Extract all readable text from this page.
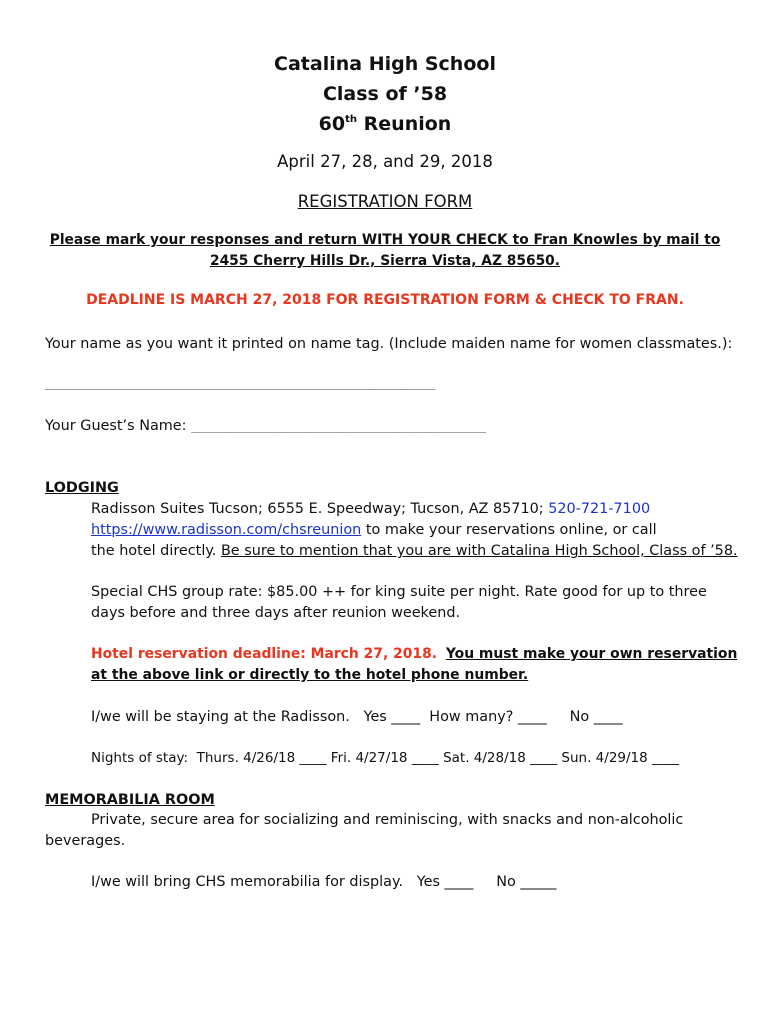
Catalina High School
Class of ’58
60th Reunion
April 27, 28, and 29, 2018
REGISTRATION FORM
Please mark your responses and return WITH YOUR CHECK to Fran Knowles by mail to
2455 Cherry Hills Dr., Sierra Vista, AZ 85650.
DEADLINE IS MARCH 27, 2018 FOR REGISTRATION FORM & CHECK TO FRAN.
Your name as you want it printed on name tag. (Include maiden name for women classmates.):
_______________________________________________________________
Your Guest’s Name: __________________________________________________
LODGING
Radisson Suites Tucson; 6555 E. Speedway; Tucson, AZ 85710; 520-721-7100
https://www.radisson.com/chsreunion to make your reservations online, or call
the hotel directly. Be sure to mention that you are with Catalina High School, Class of ’58.
Special CHS group rate: $85.00 ++ for king suite per night. Rate good for up to three
days before and three days after reunion weekend.
Hotel reservation deadline: March 27, 2018. You must make your own reservation
at the above link or directly to the hotel phone number.
I/we will be staying at the Radisson.   Yes ____  How many? ____     No ____
Nights of stay:  Thurs. 4/26/18 ____ Fri. 4/27/18 ____ Sat. 4/28/18 ____ Sun. 4/29/18 ____
MEMORABILIA ROOM
Private, secure area for socializing and reminiscing, with snacks and non-alcoholic
beverages.
I/we will bring CHS memorabilia for display.   Yes ____     No _____
